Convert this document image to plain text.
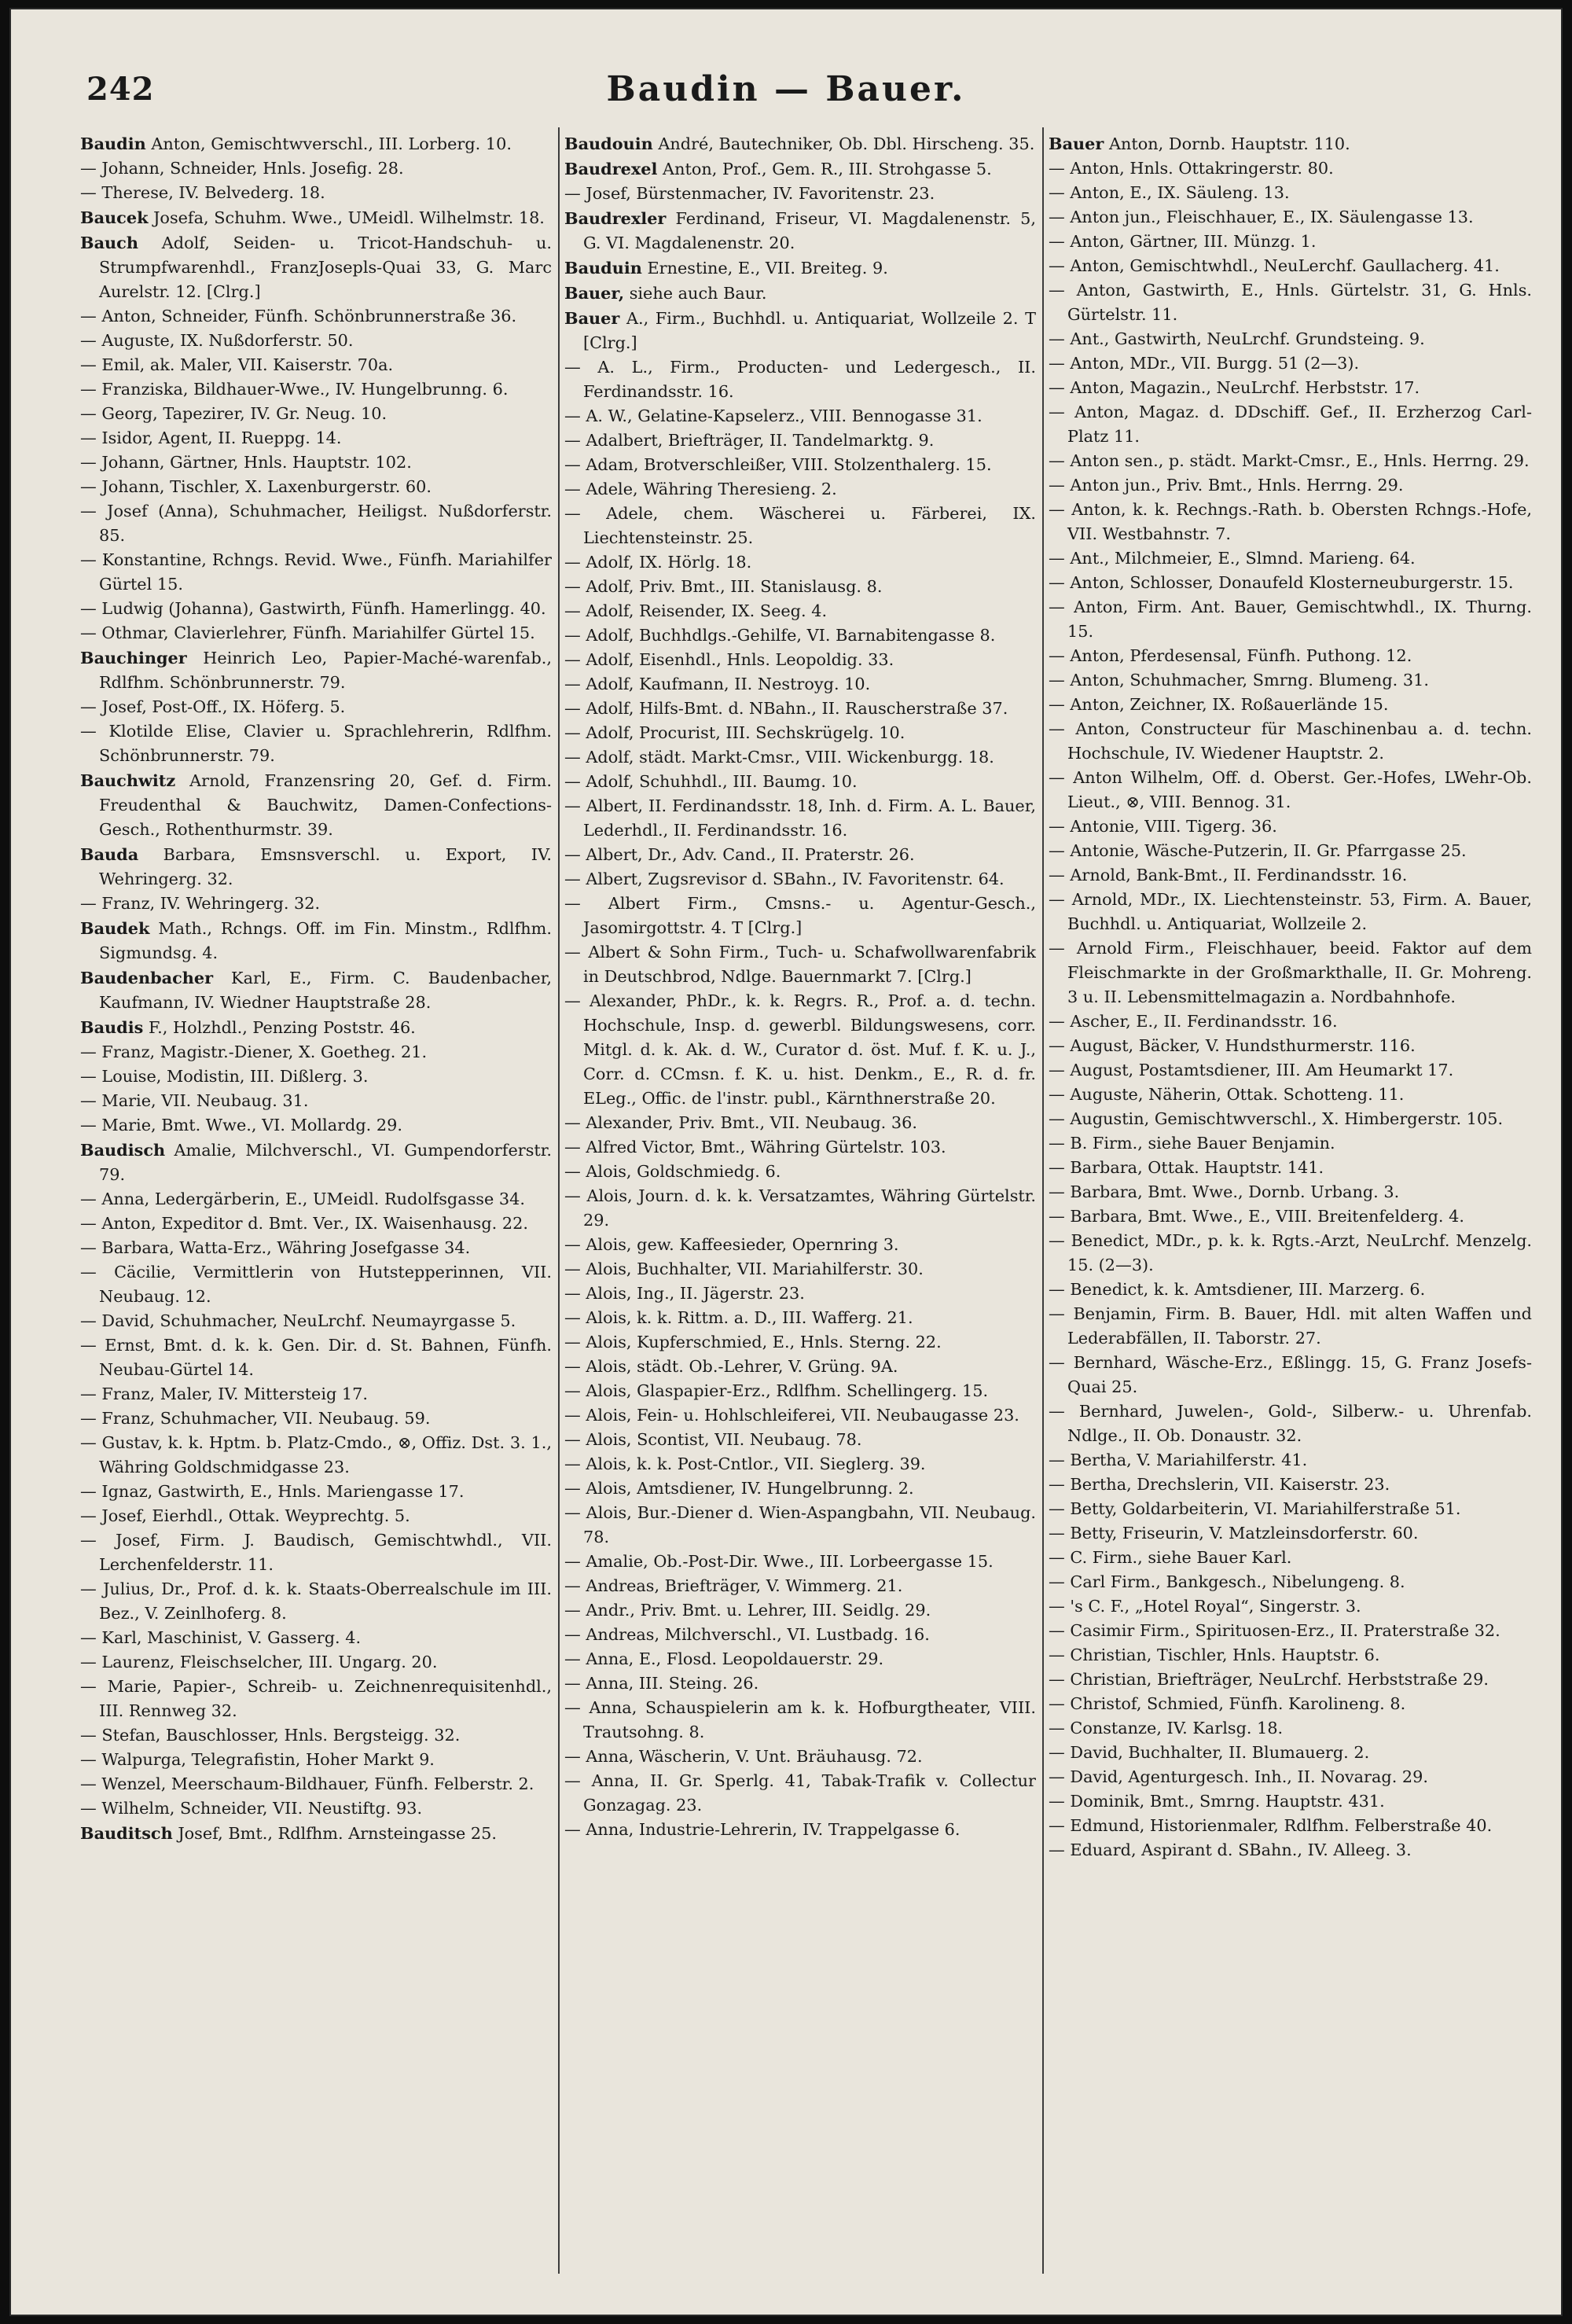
242	Baudin — Bauer.

Baudin Anton, Gemischtwverschl., III. Lorberg. 10.

— Johann, Schneider, Hnls. Josefig. 28.

— Therese, IV. Belvederg. 18.

Baucek Josefa, Schuhm. Wwe., UMeidl. Wilhelmstr. 18.

Bauch Adolf, Seiden- u. Tricot-Handschuh- u. Strumpfwarenhdl., FranzJosepls-Quai 33, G. Marc Aurelstr. 12. [Clrg.]

— Anton, Schneider, Fünfh. Schönbrunnerstraße 36.

— Auguste, IX. Nußdorferstr. 50.

— Emil, ak. Maler, VII. Kaiserstr. 70a.

— Franziska, Bildhauer-Wwe., IV. Hungelbrunng. 6.

— Georg, Tapezirer, IV. Gr. Neug. 10.

— Isidor, Agent, II. Rueppg. 14.

— Johann, Gärtner, Hnls. Hauptstr. 102.

— Johann, Tischler, X. Laxenburgerstr. 60.

— Josef (Anna), Schuhmacher, Heiligst. Nußdorferstr. 85.

— Konstantine, Rchngs. Revid. Wwe., Fünfh. Mariahilfer Gürtel 15.

— Ludwig (Johanna), Gastwirth, Fünfh. Hamerlingg. 40.

— Othmar, Clavierlehrer, Fünfh. Mariahilfer Gürtel 15.

Bauchinger Heinrich Leo, Papier-Maché-warenfab., Rdlfhm. Schönbrunnerstr. 79.

— Josef, Post-Off., IX. Höferg. 5.

— Klotilde Elise, Clavier u. Sprachlehrerin, Rdlfhm. Schönbrunnerstr. 79.

Bauchwitz Arnold, Franzensring 20, Gef. d. Firm. Freudenthal & Bauchwitz, Damen-Confections-Gesch., Rothenthurmstr. 39.

Bauda Barbara, Emsnsverschl. u. Export, IV. Wehringerg. 32.

— Franz, IV. Wehringerg. 32.

Baudek Math., Rchngs. Off. im Fin. Minstm., Rdlfhm. Sigmundsg. 4.

Baudenbacher Karl, E., Firm. C. Baudenbacher, Kaufmann, IV. Wiedner Hauptstraße 28.

Baudis F., Holzhdl., Penzing Poststr. 46.

— Franz, Magistr.-Diener, X. Goetheg. 21.

— Louise, Modistin, III. Dißlerg. 3.

— Marie, VII. Neubaug. 31.

— Marie, Bmt. Wwe., VI. Mollardg. 29.

Baudisch Amalie, Milchverschl., VI. Gumpendorferstr. 79.

— Anna, Ledergärberin, E., UMeidl. Rudolfsgasse 34.

— Anton, Expeditor d. Bmt. Ver., IX. Waisenhausg. 22.

— Barbara, Watta-Erz., Währing Josefgasse 34.

— Cäcilie, Vermittlerin von Hutstepperinnen, VII. Neubaug. 12.

— David, Schuhmacher, NeuLrchf. Neumayrgasse 5.

— Ernst, Bmt. d. k. k. Gen. Dir. d. St. Bahnen, Fünfh. Neubau-Gürtel 14.

— Franz, Maler, IV. Mittersteig 17.

— Franz, Schuhmacher, VII. Neubaug. 59.

— Gustav, k. k. Hptm. b. Platz-Cmdo., ⊗, Offiz. Dst. 3. 1., Währing Goldschmidgasse 23.

— Ignaz, Gastwirth, E., Hnls. Mariengasse 17.

— Josef, Eierhdl., Ottak. Weyprechtg. 5.

— Josef, Firm. J. Baudisch, Gemischtwhdl., VII. Lerchenfelderstr. 11.

— Julius, Dr., Prof. d. k. k. Staats-Oberrealschule im III. Bez., V. Zeinlhoferg. 8.

— Karl, Maschinist, V. Gasserg. 4.

— Laurenz, Fleischselcher, III. Ungarg. 20.

— Marie, Papier-, Schreib- u. Zeichnenrequisitenhdl., III. Rennweg 32.

— Stefan, Bauschlosser, Hnls. Bergsteigg. 32.

— Walpurga, Telegrafistin, Hoher Markt 9.

— Wenzel, Meerschaum-Bildhauer, Fünfh. Felberstr. 2.

— Wilhelm, Schneider, VII. Neustiftg. 93.

Bauditsch Josef, Bmt., Rdlfhm. Arnsteingasse 25.

Baudouin André, Bautechniker, Ob. Dbl. Hirscheng. 35.

Baudrexel Anton, Prof., Gem. R., III. Strohgasse 5.

— Josef, Bürstenmacher, IV. Favoritenstr. 23.

Baudrexler Ferdinand, Friseur, VI. Magdalenenstr. 5, G. VI. Magdalenenstr. 20.

Bauduin Ernestine, E., VII. Breiteg. 9.

Bauer, siehe auch Baur.

Bauer A., Firm., Buchhdl. u. Antiquariat, Wollzeile 2. T [Clrg.]

— A. L., Firm., Producten- und Ledergesch., II. Ferdinandsstr. 16.

— A. W., Gelatine-Kapselerz., VIII. Bennogasse 31.

— Adalbert, Briefträger, II. Tandelmarktg. 9.

— Adam, Brotverschleißer, VIII. Stolzenthalerg. 15.

— Adele, Währing Theresieng. 2.

— Adele, chem. Wäscherei u. Färberei, IX. Liechtensteinstr. 25.

— Adolf, IX. Hörlg. 18.

— Adolf, Priv. Bmt., III. Stanislausg. 8.

— Adolf, Reisender, IX. Seeg. 4.

— Adolf, Buchhdlgs.-Gehilfe, VI. Barnabitengasse 8.

— Adolf, Eisenhdl., Hnls. Leopoldig. 33.

— Adolf, Kaufmann, II. Nestroyg. 10.

— Adolf, Hilfs-Bmt. d. NBahn., II. Rauscherstraße 37.

— Adolf, Procurist, III. Sechskrügelg. 10.

— Adolf, städt. Markt-Cmsr., VIII. Wickenburgg. 18.

— Adolf, Schuhhdl., III. Baumg. 10.

— Albert, II. Ferdinandsstr. 18, Inh. d. Firm. A. L. Bauer, Lederhdl., II. Ferdinandsstr. 16.

— Albert, Dr., Adv. Cand., II. Praterstr. 26.

— Albert, Zugsrevisor d. SBahn., IV. Favoritenstr. 64.

— Albert Firm., Cmsns.- u. Agentur-Gesch., Jasomirgottstr. 4. T [Clrg.]

— Albert & Sohn Firm., Tuch- u. Schafwollwarenfabrik in Deutschbrod, Ndlge. Bauernmarkt 7. [Clrg.]

— Alexander, PhDr., k. k. Regrs. R., Prof. a. d. techn. Hochschule, Insp. d. gewerbl. Bildungswesens, corr. Mitgl. d. k. Ak. d. W., Curator d. öst. Muf. f. K. u. J., Corr. d. CCmsn. f. K. u. hist. Denkm., E., R. d. fr. ELeg., Offic. de l'instr. publ., Kärnthnerstraße 20.

— Alexander, Priv. Bmt., VII. Neubaug. 36.

— Alfred Victor, Bmt., Währing Gürtelstr. 103.

— Alois, Goldschmiedg. 6.

— Alois, Journ. d. k. k. Versatzamtes, Währing Gürtelstr. 29.

— Alois, gew. Kaffeesieder, Opernring 3.

— Alois, Buchhalter, VII. Mariahilferstr. 30.

— Alois, Ing., II. Jägerstr. 23.

— Alois, k. k. Rittm. a. D., III. Wafferg. 21.

— Alois, Kupferschmied, E., Hnls. Sterng. 22.

— Alois, städt. Ob.-Lehrer, V. Grüng. 9A.

— Alois, Glaspapier-Erz., Rdlfhm. Schellingerg. 15.

— Alois, Fein- u. Hohlschleiferei, VII. Neubaugasse 23.

— Alois, Scontist, VII. Neubaug. 78.

— Alois, k. k. Post-Cntlor., VII. Sieglerg. 39.

— Alois, Amtsdiener, IV. Hungelbrunng. 2.

— Alois, Bur.-Diener d. Wien-Aspangbahn, VII. Neubaug. 78.

— Amalie, Ob.-Post-Dir. Wwe., III. Lorbeergasse 15.

— Andreas, Briefträger, V. Wimmerg. 21.

— Andr., Priv. Bmt. u. Lehrer, III. Seidlg. 29.

— Andreas, Milchverschl., VI. Lustbadg. 16.

— Anna, E., Flosd. Leopoldauerstr. 29.

— Anna, III. Steing. 26.

— Anna, Schauspielerin am k. k. Hofburgtheater, VIII. Trautsohng. 8.

— Anna, Wäscherin, V. Unt. Bräuhausg. 72.

— Anna, II. Gr. Sperlg. 41, Tabak-Trafik v. Collectur Gonzagag. 23.

— Anna, Industrie-Lehrerin, IV. Trappelgasse 6.

Bauer Anton, Dornb. Hauptstr. 110.

— Anton, Hnls. Ottakringerstr. 80.

— Anton, E., IX. Säuleng. 13.

— Anton jun., Fleischhauer, E., IX. Säulengasse 13.

— Anton, Gärtner, III. Münzg. 1.

— Anton, Gemischtwhdl., NeuLerchf. Gaullacherg. 41.

— Anton, Gastwirth, E., Hnls. Gürtelstr. 31, G. Hnls. Gürtelstr. 11.

— Ant., Gastwirth, NeuLrchf. Grundsteing. 9.

— Anton, MDr., VII. Burgg. 51 (2—3).

— Anton, Magazin., NeuLrchf. Herbststr. 17.

— Anton, Magaz. d. DDschiff. Gef., II. Erzherzog Carl-Platz 11.

— Anton sen., p. städt. Markt-Cmsr., E., Hnls. Herrng. 29.

— Anton jun., Priv. Bmt., Hnls. Herrng. 29.

— Anton, k. k. Rechngs.-Rath. b. Obersten Rchngs.-Hofe, VII. Westbahnstr. 7.

— Ant., Milchmeier, E., Slmnd. Marieng. 64.

— Anton, Schlosser, Donaufeld Klosterneuburgerstr. 15.

— Anton, Firm. Ant. Bauer, Gemischtwhdl., IX. Thurng. 15.

— Anton, Pferdesensal, Fünfh. Puthong. 12.

— Anton, Schuhmacher, Smrng. Blumeng. 31.

— Anton, Zeichner, IX. Roßauerlände 15.

— Anton, Constructeur für Maschinenbau a. d. techn. Hochschule, IV. Wiedener Hauptstr. 2.

— Anton Wilhelm, Off. d. Oberst. Ger.-Hofes, LWehr-Ob. Lieut., ⊗, VIII. Bennog. 31.

— Antonie, VIII. Tigerg. 36.

— Antonie, Wäsche-Putzerin, II. Gr. Pfarrgasse 25.

— Arnold, Bank-Bmt., II. Ferdinandsstr. 16.

— Arnold, MDr., IX. Liechtensteinstr. 53, Firm. A. Bauer, Buchhdl. u. Antiquariat, Wollzeile 2.

— Arnold Firm., Fleischhauer, beeid. Faktor auf dem Fleischmarkte in der Großmarkthalle, II. Gr. Mohreng. 3 u. II. Lebensmittelmagazin a. Nordbahnhofe.

— Ascher, E., II. Ferdinandsstr. 16.

— August, Bäcker, V. Hundsthurmerstr. 116.

— August, Postamtsdiener, III. Am Heumarkt 17.

— Auguste, Näherin, Ottak. Schotteng. 11.

— Augustin, Gemischtwverschl., X. Himbergerstr. 105.

— B. Firm., siehe Bauer Benjamin.

— Barbara, Ottak. Hauptstr. 141.

— Barbara, Bmt. Wwe., Dornb. Urbang. 3.

— Barbara, Bmt. Wwe., E., VIII. Breitenfelderg. 4.

— Benedict, MDr., p. k. k. Rgts.-Arzt, NeuLrchf. Menzelg. 15. (2—3).

— Benedict, k. k. Amtsdiener, III. Marzerg. 6.

— Benjamin, Firm. B. Bauer, Hdl. mit alten Waffen und Lederabfällen, II. Taborstr. 27.

— Bernhard, Wäsche-Erz., Eßlingg. 15, G. Franz Josefs-Quai 25.

— Bernhard, Juwelen-, Gold-, Silberw.- u. Uhrenfab. Ndlge., II. Ob. Donaustr. 32.

— Bertha, V. Mariahilferstr. 41.

— Bertha, Drechslerin, VII. Kaiserstr. 23.

— Betty, Goldarbeiterin, VI. Mariahilferstraße 51.

— Betty, Friseurin, V. Matzleinsdorferstr. 60.

— C. Firm., siehe Bauer Karl.

— Carl Firm., Bankgesch., Nibelungeng. 8.

— 's C. F., „Hotel Royal“, Singerstr. 3.

— Casimir Firm., Spirituosen-Erz., II. Praterstraße 32.

— Christian, Tischler, Hnls. Hauptstr. 6.

— Christian, Briefträger, NeuLrchf. Herbststraße 29.

— Christof, Schmied, Fünfh. Karolineng. 8.

— Constanze, IV. Karlsg. 18.

— David, Buchhalter, II. Blumauerg. 2.

— David, Agenturgesch. Inh., II. Novarag. 29.

— Dominik, Bmt., Smrng. Hauptstr. 431.

— Edmund, Historienmaler, Rdlfhm. Felberstraße 40.

— Eduard, Aspirant d. SBahn., IV. Alleeg. 3.
